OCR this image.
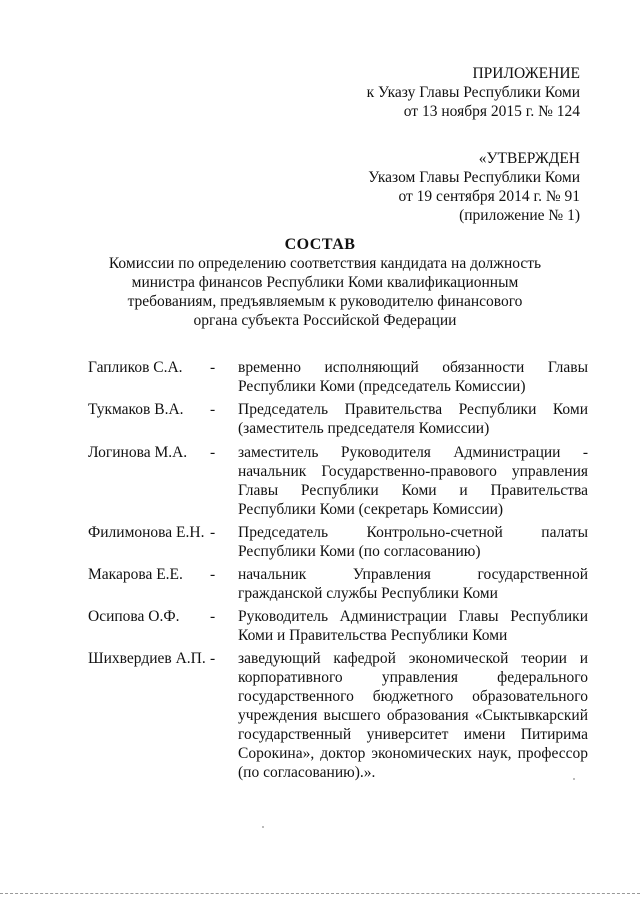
ПРИЛОЖЕНИЕ
к Указу Главы Республики Коми
от 13 ноября 2015 г. № 124
«УТВЕРЖДЕН
Указом Главы Республики Коми
от 19 сентября 2014 г. № 91
(приложение № 1)
СОСТАВ
Комиссии по определению соответствия кандидата на должность
министра финансов Республики Коми квалификационным
требованиям, предъявляемым к руководителю финансового
органа субъекта Российской Федерации
Гапликов С.А.	-	временно исполняющий обязанности Главы Республики Коми (председатель Комиссии)
Тукмаков В.А.	-	Председатель Правительства Республики Коми (заместитель председателя Комиссии)
Логинова М.А.	-	заместитель Руководителя Администрации - начальник Государственно-правового управления Главы Республики Коми и Правительства Республики Коми (секретарь Комиссии)
Филимонова Е.Н. -	Председатель Контрольно-счетной палаты Республики Коми (по согласованию)
Макарова Е.Е.	-	начальник Управления государственной гражданской службы Республики Коми
Осипова О.Ф.	-	Руководитель Администрации Главы Республики Коми и Правительства Республики Коми
Шихвердиев А.П. -	заведующий кафедрой экономической теории и корпоративного управления федерального государственного бюджетного образовательного учреждения высшего образования «Сыктывкарский государственный университет имени Питирима Сорокина», доктор экономических наук, профессор (по согласованию).».
